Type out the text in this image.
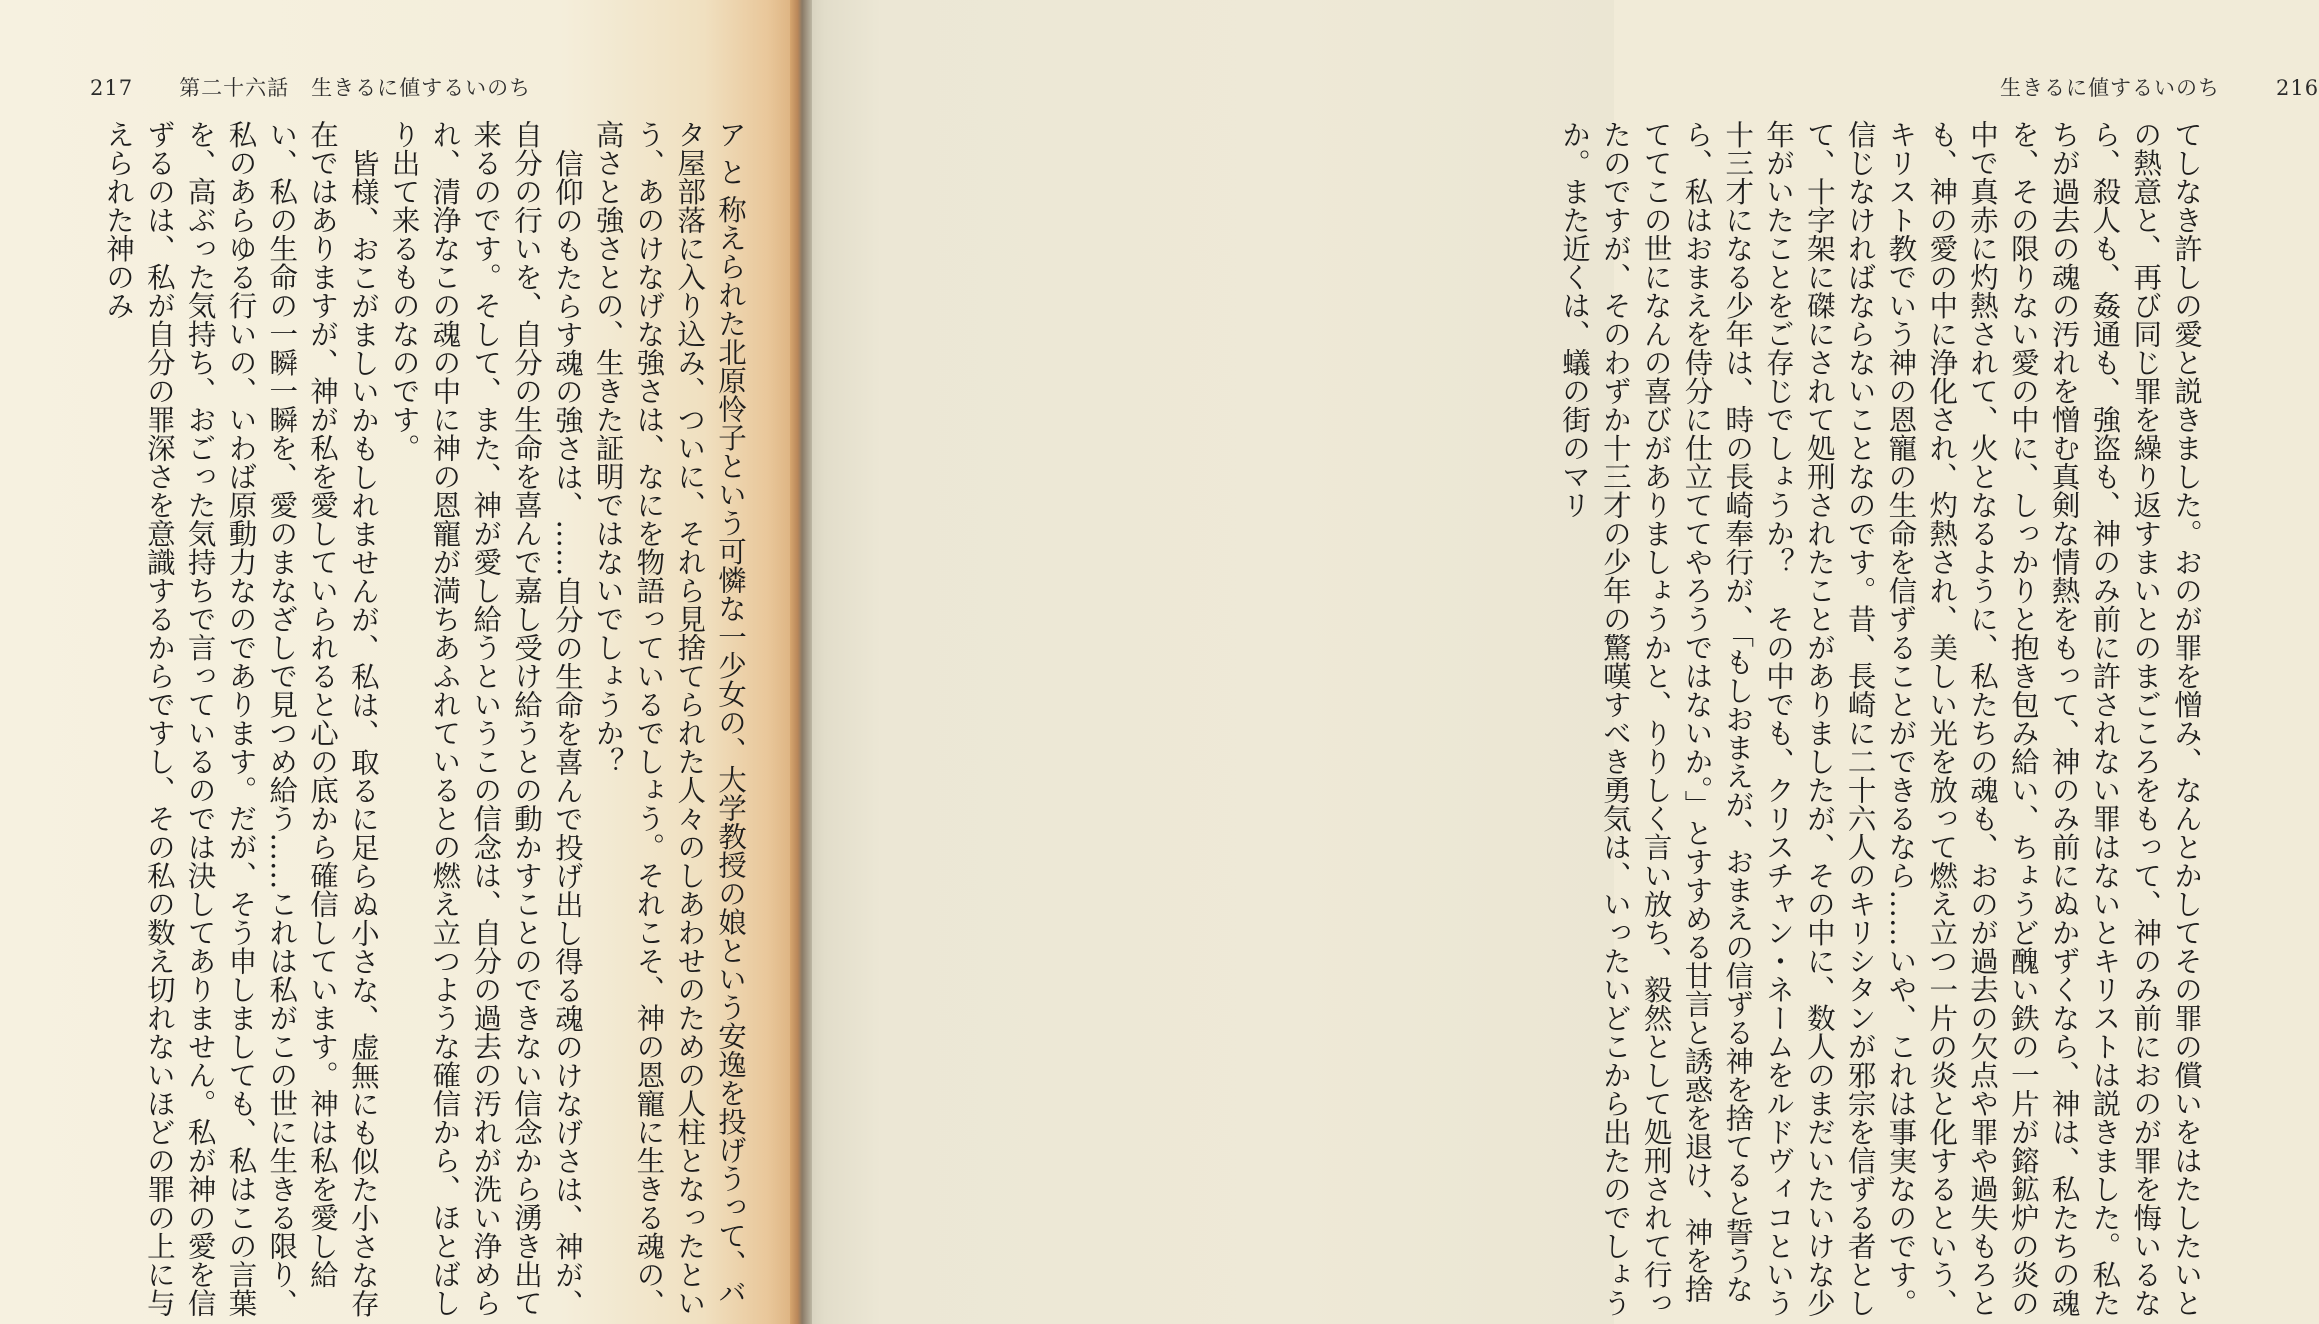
217 第二十六話　生きるに値するいのち

ア と 称えられた北原怜子という可憐な一少女の、大学教授の娘という安逸を投げうって、バタ屋部落に入り込み、ついに、それら見捨てられた人々のしあわせのための人柱となったという、あのけなげな強さは、なにを物語っているでしょう。それこそ、神の恩寵に生きる魂の、高さと強さとの、生きた証明ではないでしょうか？

信仰のもたらす魂の強さは、……自分の生命を喜んで投げ出し得る魂のけなげさは、神が、自分の行いを、自分の生命を喜んで嘉し受け給うとの動かすことのできない信念から湧き出て来るのです。そして、また、神が愛し給うというこの信念は、自分の過去の汚れが洗い浄められ、清浄なこの魂の中に神の恩寵が満ちあふれているとの燃え立つような確信から、ほとばしり出て来るものなのです。

皆様、おこがましいかもしれませんが、私は、取るに足らぬ小さな、虚無にも似た小さな存在ではありますが、神が私を愛していられると心の底から確信しています。神は私を愛し給い、私の生命の一瞬一瞬を、愛のまなざしで見つめ給う……これは私がこの世に生きる限り、私のあらゆる行いの、いわば原動力なのであります。だが、そう申しましても、私はこの言葉を、高ぶった気持ち、おごった気持ちで言っているのでは決してありません。私が神の愛を信ずるのは、私が自分の罪深さを意識するからですし、その私の数え切れないほどの罪の上に与えられた神のみ

生きるに値するいのち	216

てしなき許しの愛と説きました。おのが罪を憎み、なんとかしてその罪の償いをはたしたいとの熱意と、再び同じ罪を繰り返すまいとのまごころをもって、神のみ前におのが罪を悔いるなら、殺人も、姦通も、強盗も、神のみ前に許されない罪はないとキリストは説きました。私たちが過去の魂の汚れを憎む真剣な情熱をもって、神のみ前にぬかずくなら、神は、私たちの魂を、その限りない愛の中に、しっかりと抱き包み給い、ちょうど醜い鉄の一片が鎔鉱炉の炎の中で真赤に灼熱されて、火となるように、私たちの魂も、おのが過去の欠点や罪や過失もろとも、神の愛の中に浄化され、灼熱され、美しい光を放って燃え立つ一片の炎と化するという、キリスト教でいう神の恩寵の生命を信ずることができるなら……いや、これは事実なのです。信じなければならないことなのです。昔、長崎に二十六人のキリシタンが邪宗を信ずる者として、十字架に磔にされて処刑されたことがありましたが、その中に、数人のまだいたいけな少年がいたことをご存じでしょうか？　その中でも、クリスチャン・ネームをルドヴィコという十三才になる少年は、時の長崎奉行が、「もしおまえが、おまえの信ずる神を捨てると誓うなら、私はおまえを侍分に仕立ててやろうではないか。」とすすめる甘言と誘惑を退け、神を捨ててこの世になんの喜びがありましょうかと、りりしく言い放ち、毅然として処刑されて行ったのですが、そのわずか十三才の少年の驚嘆すべき勇気は、いったいどこから出たのでしょうか。また近くは、蟻の街のマリ
